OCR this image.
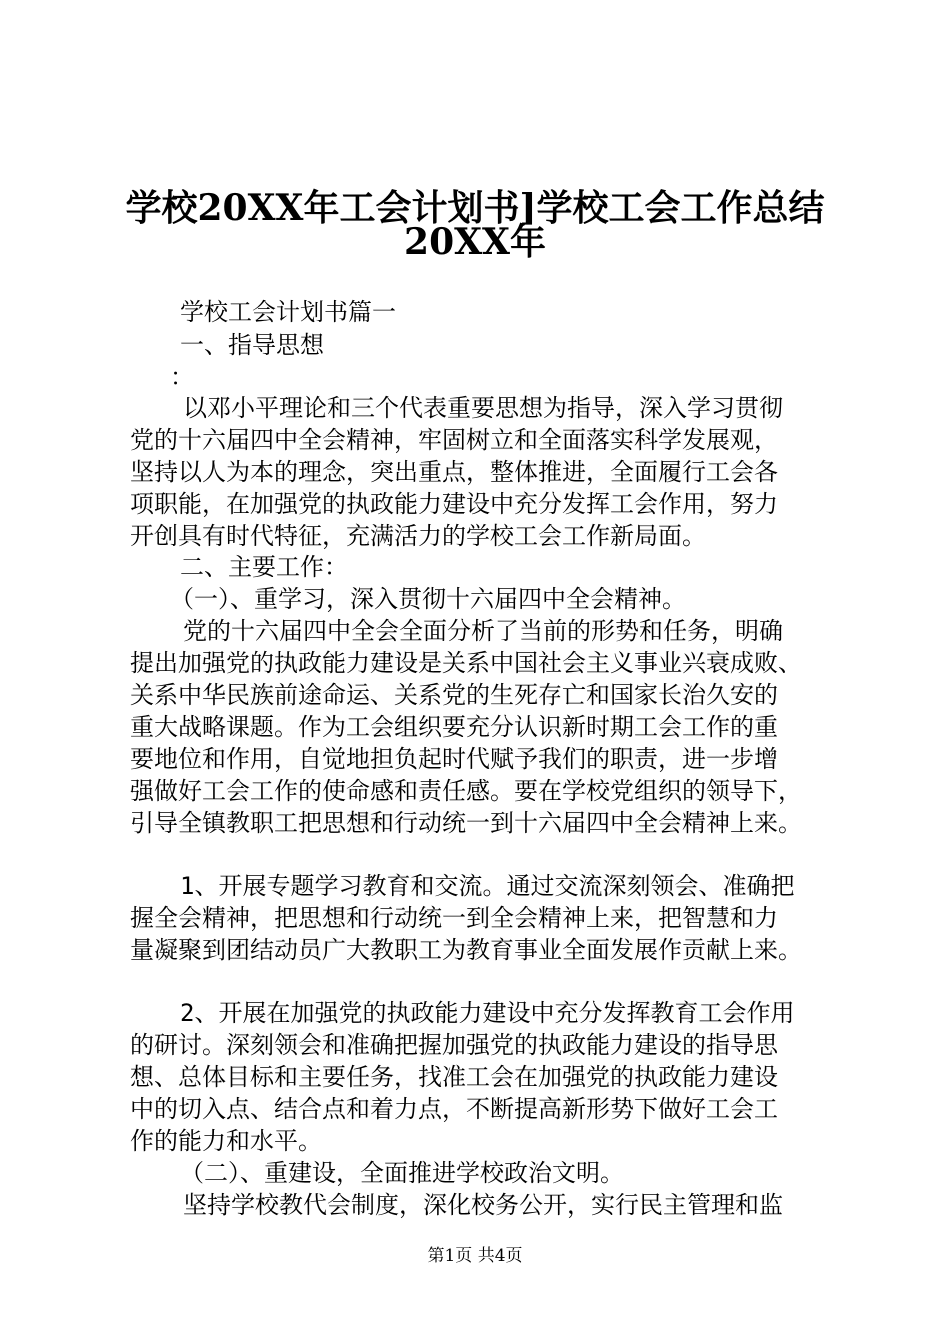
学校20XX年工会计划书]学校工会工作总结
20XX年
学校工会计划书篇一
一、指导思想
：
以邓小平理论和三个代表重要思想为指导，深入学习贯彻
党的十六届四中全会精神，牢固树立和全面落实科学发展观，
坚持以人为本的理念，突出重点，整体推进，全面履行工会各
项职能，在加强党的执政能力建设中充分发挥工会作用，努力
开创具有时代特征，充满活力的学校工会工作新局面。
二、主要工作：
（一）、重学习，深入贯彻十六届四中全会精神。
党的十六届四中全会全面分析了当前的形势和任务，明确
提出加强党的执政能力建设是关系中国社会主义事业兴衰成败、
关系中华民族前途命运、关系党的生死存亡和国家长治久安的
重大战略课题。作为工会组织要充分认识新时期工会工作的重
要地位和作用，自觉地担负起时代赋予我们的职责，进一步增
强做好工会工作的使命感和责任感。要在学校党组织的领导下，
引导全镇教职工把思想和行动统一到十六届四中全会精神上来。
1、开展专题学习教育和交流。通过交流深刻领会、准确把
握全会精神，把思想和行动统一到全会精神上来，把智慧和力
量凝聚到团结动员广大教职工为教育事业全面发展作贡献上来。
2、开展在加强党的执政能力建设中充分发挥教育工会作用
的研讨。深刻领会和准确把握加强党的执政能力建设的指导思
想、总体目标和主要任务，找准工会在加强党的执政能力建设
中的切入点、结合点和着力点，不断提高新形势下做好工会工
作的能力和水平。
（二）、重建设，全面推进学校政治文明。
坚持学校教代会制度，深化校务公开，实行民主管理和监
第1页 共4页
